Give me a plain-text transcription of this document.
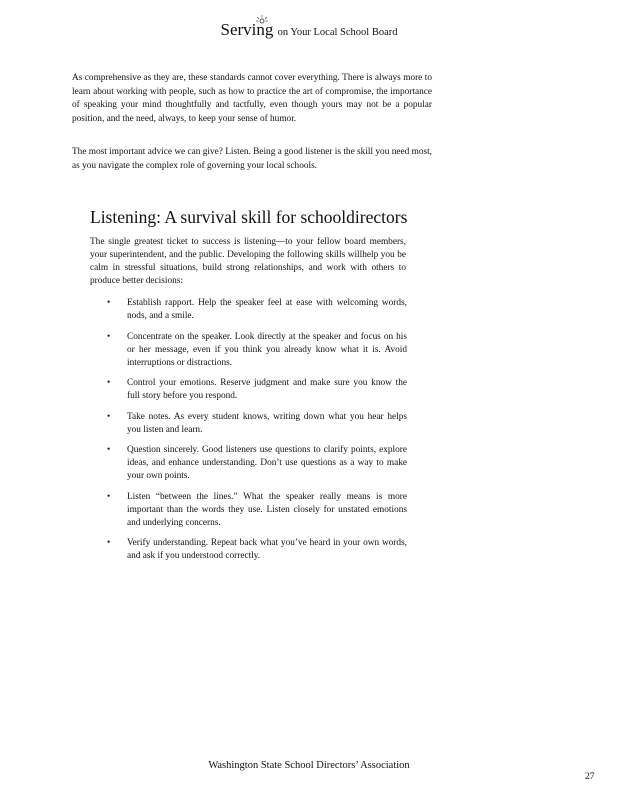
Serving on Your Local School Board

As comprehensive as they are, these standards cannot cover everything. There is always more to learn about working with people, such as how to practice the art of compromise, the importance of speaking your mind thoughtfully and tactfully, even though yours may not be a popular position, and the need, always, to keep your sense of humor.

The most important advice we can give? Listen. Being a good listener is the skill you need most, as you navigate the complex role of governing your local schools.

Listening: A survival skill for schooldirectors

The single greatest ticket to success is listening—to your fellow board members, your superintendent, and the public. Developing the following skills willhelp you be calm in stressful situations, build strong relationships, and work with others to produce better decisions:

• Establish rapport. Help the speaker feel at ease with welcoming words, nods, and a smile.
• Concentrate on the speaker. Look directly at the speaker and focus on his or her message, even if you think you already know what it is. Avoid interruptions or distractions.
• Control your emotions. Reserve judgment and make sure you know the full story before you respond.
• Take notes. As every student knows, writing down what you hear helps you listen and learn.
• Question sincerely. Good listeners use questions to clarify points, explore ideas, and enhance understanding. Don’t use questions as a way to make your own points.
• Listen “between the lines.” What the speaker really means is more important than the words they use. Listen closely for unstated emotions and underlying concerns.
• Verify understanding. Repeat back what you’ve heard in your own words, and ask if you understood correctly.
Washington State School Directors’ Association
27
